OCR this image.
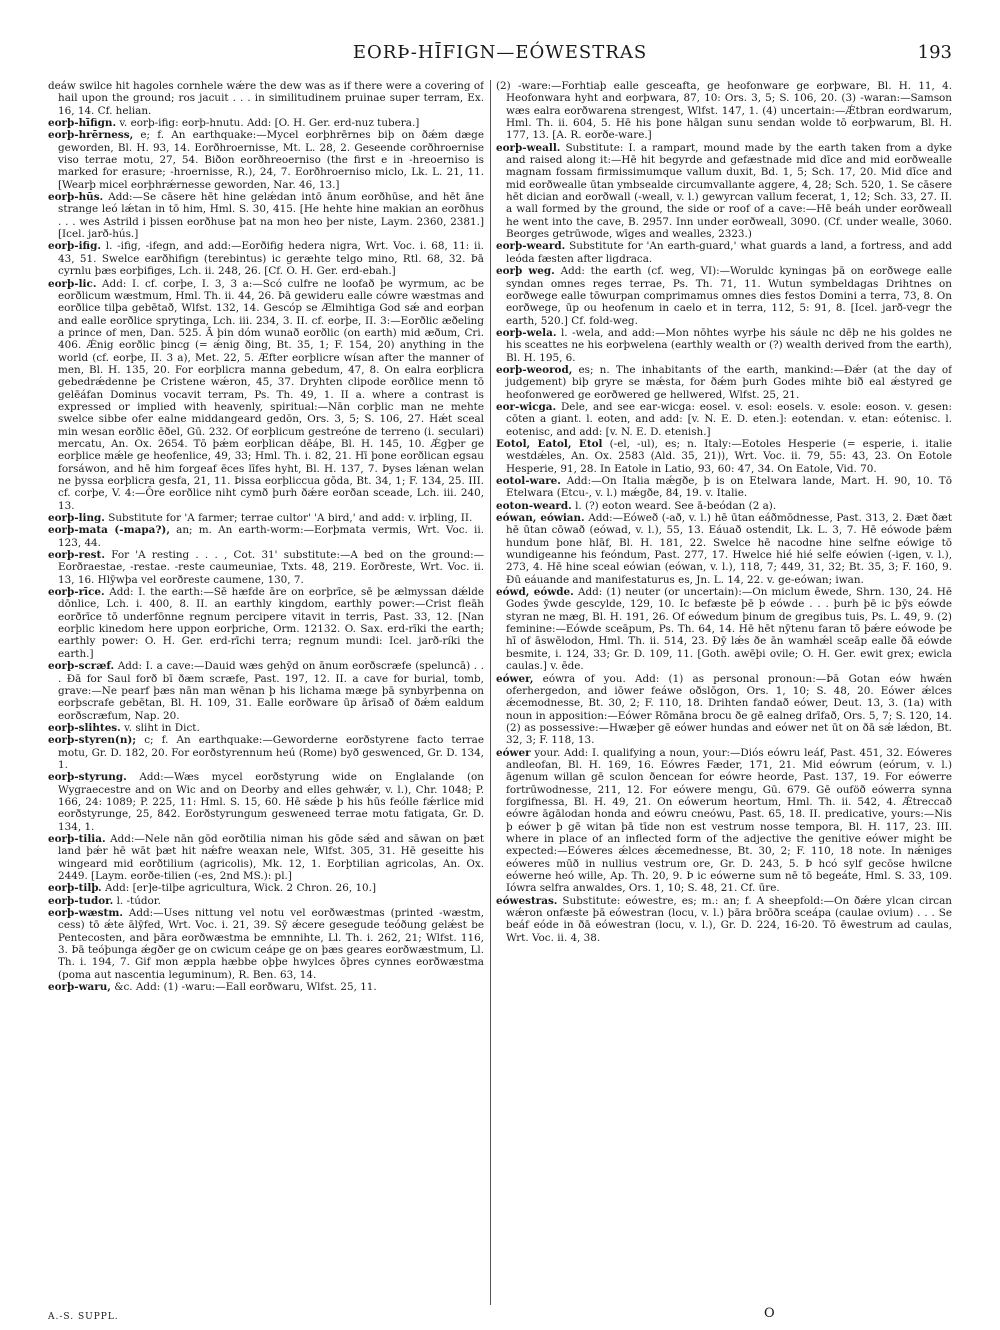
EORÞ-HĪFIGN—EÓWESTRAS	193

deáw swilce hit hagoles cornhele wǽre the dew was as if there were a covering of hail upon the ground; ros jacuit . . . in similitudinem pruinae super terram, Ex. 16, 14. Cf. helian.

eorþ-hīfign. v. eorþ-ifig: eorþ-hnutu. Add: [O. H. Ger. erd-nuz tubera.]

eorþ-hrērness, e; f. An earthquake:—Mycel eorþhrērnes biþ on ðǽm dæge geworden, Bl. H. 93, 14. Eorðhroernisse, Mt. L. 28, 2. Geseende corðhroernise viso terrae motu, 27, 54. Biðon eorðhreoerniso (the first e in -hreoerniso is marked for erasure; -hroernisse, R.), 24, 7. Eorðhroerniso miclo, Lk. L. 21, 11. [Wearþ micel eorþhrǽrnesse geworden, Nar. 46, 13.]

eorþ-hūs. Add:—Se cāsere hēt hine gelǽdan intō ānum eorðhūse, and hēt āne strange leó lǽtan in tō him, Hml. S. 30, 415. [He hehte hine makian an eorðhus . . . wes Astrild i þissen eorðhuse þat na mon heo þer niste, Laym. 2360, 2381.] [Icel. jarð-hús.]

eorþ-ifig. l. -ifig, -ifegn, and add:—Eorðifig hedera nigra, Wrt. Voc. i. 68, 11: ii. 43, 51. Swelce earðhifign (terebintus) ic geræhte telgo mino, Rtl. 68, 32. Þā cyrnlu þæs eorþifiges, Lch. ii. 248, 26. [Cf. O. H. Ger. erd-ebah.]

eorþ-lic. Add: I. cf. corþe, I. 3, 3 a:—Scó culfre ne loofað þe wyrmum, ac be eorðlicum wæstmum, Hml. Th. ii. 44, 26. Þā gewideru ealle cówre wæstmas and eorðlice tilþa gebētað, Wlfst. 132, 14. Gescóp se Ælmihtiga God sǽ and eorþan and ealle eorðlice sprytinga, Lch. iii. 234, 3. II. cf. eorþe, II. 3:—Eorðlic æðeling a prince of men, Dan. 525. Ā þin dóm wunað eorðlic (on earth) mid æðum, Cri. 406. Ǽnig eorðlic þincg (= ǽnig ðing, Bt. 35, 1; F. 154, 20) anything in the world (cf. eorþe, II. 3 a), Met. 22, 5. Æfter eorþlicre wísan after the manner of men, Bl. H. 135, 20. For eorþlicra manna gebedum, 47, 8. On ealra eorþlicra gebedrǽdenne þe Cristene wǽron, 45, 37. Dryhten clipode eorðlice menn tō gelēáfan Dominus vocavit terram, Ps. Th. 49, 1. II a. where a contrast is expressed or implied with heavenly, spiritual:—Nān corþlic man ne mehte swelce sibbe ofer ealne middangeard gedōn, Ors. 3, 5; S. 106, 27. Hǽt sceal min wesan eorðlic ēðel, Gū. 232. Of eorþlicum gestreóne de terreno (i. seculari) mercatu, An. Ox. 2654. Tō þǽm eorþlican dēáþe, Bl. H. 145, 10. Ǽgþer ge eorþlice mǽle ge heofenlice, 49, 33; Hml. Th. i. 82, 21. Hī þone eorðlican egsau forsáwon, and hē him forgeaf ēces līfes hyht, Bl. H. 137, 7. Þyses lǽnan welan ne þyssa eorþlicra gesfa, 21, 11. Þissa eorþliccua gōda, Bt. 34, 1; F. 134, 25. III. cf. corþe, V. 4:—Ōre eorðlice niht cymð þurh ðǽre eorðan sceade, Lch. iii. 240, 13.

eorþ-ling. Substitute for 'A farmer; terrae cultor' 'A bird,' and add: v. irþling, II.

eorþ-mata (-mapa?), an; m. An earth-worm:—Eorþmata vermis, Wrt. Voc. ii. 123, 44.

eorþ-rest. For 'A resting . . . , Cot. 31' substitute:—A bed on the ground:—Eorðraestae, -restae. -reste caumeuniae, Txts. 48, 219. Eorðreste, Wrt. Voc. ii. 13, 16. Hlȳwþa vel eorðreste caumene, 130, 7.

eorþ-rīce. Add: I. the earth:—Sē hæfde āre on eorþrīce, sē þe ælmyssan dǽlde dōnlice, Lch. i. 400, 8. II. an earthly kingdom, earthly power:—Crist fleāh eorðrīce tō underfōnne regnum percipere vitavit in terris, Past. 33, 12. [Nan eorþlic kinedom here uppon eorþriche, Orm. 12132. O. Sax. erd-rīki the earth; earthly power: O. H. Ger. erd-rīchi terra; regnum mundi: Icel. jarð-ríki the earth.]

eorþ-scræf. Add: I. a cave:—Dauid wæs gehȳd on ānum eorðscræfe (speluncā) . . . Ðā for Saul forð bī ðæm scræfe, Past. 197, 12. II. a cave for burial, tomb, grave:—Ne pearf þæs nān man wēnan þ his lichama mæge þā synbyrþenna on eorþscrafe gebētan, Bl. H. 109, 31. Ealle eorðware ūp ārīsað of ðǽm ealdum eorðscræfum, Nap. 20.

eorþ-slihtes. v. sliht in Dict.

eorþ-styren(n); c; f. An earthquake:—Geworderne eorðstyrene facto terrae motu, Gr. D. 182, 20. For eorðstyrennum heú (Rome) byð geswenced, Gr. D. 134, 1.

eorþ-styrung. Add:—Wæs mycel eorðstyrung wide on Englalande (on Wygraecestre and on Wic and on Deorby and elles gehwǽr, v. l.), Chr. 1048; P. 166, 24: 1089; P. 225, 11: Hml. S. 15, 60. Hē sǽde þ his hūs feólle fǽrlice mid eorðstyrunge, 25, 842. Eorðstyrungum gesweneed terrae motu fatigata, Gr. D. 134, 1.

eorþ-tilia. Add:—Nele nān gōd eorðtilia niman his gōde sǽd and sāwan on þæt land þǽr hē wāt þæt hit nǽfre weaxan nele, Wlfst. 305, 31. Hē geseitte his wingeard mid eorðtilium (agricolis), Mk. 12, 1. Eorþtilian agricolas, An. Ox. 2449. [Laym. eorðe-tilien (-es, 2nd MS.): pl.]

eorþ-tilþ. Add: [er]e-tilþe agricultura, Wick. 2 Chron. 26, 10.]

eorþ-tudor. l. -túdor.

eorþ-wæstm. Add:—Uses nittung vel notu vel eorðwæstmas (printed -wæstm, cess) tō ǽte ālȳfed, Wrt. Voc. i. 21, 39. Sȳ ǽcere gesegude teóðung gelǽst be Pentecosten, and þāra eorðwæstma be emnnihte, Ll. Th. i. 262, 21; Wlfst. 116, 3. Þā teóþunga ǽgðer ge on cwicum ceápe ge on þæs geares eorðwæstmum, Ll. Th. i. 194, 7. Gif mon æppla hæbbe oþþe hwylces ōþres cynnes eorðwæstma (poma aut nascentia leguminum), R. Ben. 63, 14.

eorþ-waru, &c. Add: (1) -waru:—Eall eorðwaru, Wlfst. 25, 11.

(2) -ware:—Forhtiaþ ealle gesceafta, ge heofonware ge eorþware, Bl. H. 11, 4. Heofonwara hyht and eorþwara, 87, 10: Ors. 3, 5; S. 106, 20. (3) -waran:—Samson wæs ealra eorðwarena strengest, Wlfst. 147, 1. (4) uncertain:—Ǽtbran eordwarum, Hml. Th. ii. 604, 5. Hē his þone hālgan sunu sendan wolde tō eorþwarum, Bl. H. 177, 13. [A. R. eorðe-ware.]

eorþ-weall. Substitute: I. a rampart, mound made by the earth taken from a dyke and raised along it:—Hē hit begyrde and gefæstnade mid dīce and mid eorðwealle magnam fossam firmissimumque vallum duxit, Bd. 1, 5; Sch. 17, 20. Mid dīce and mid eorðwealle ūtan ymbsealde circumvallante aggere, 4, 28; Sch. 520, 1. Se cāsere hēt dician and eorðwall (-weall, v. l.) gewyrcan vallum fecerat, 1, 12; Sch. 33, 27. II. a wall formed by the ground, the side or roof of a cave:—Hē beáh under eorðweall he went into the cave, B. 2957. Inn under eorðweall, 3090. (Cf. under wealle, 3060. Beorges getrūwode, wīges and wealles, 2323.)

eorþ-weard. Substitute for 'An earth-guard,' what guards a land, a fortress, and add leóda fæsten after ligdraca.

eorþ weg. Add: the earth (cf. weg, VI):—Woruldc kyningas þā on eorðwege ealle syndan omnes reges terrae, Ps. Th. 71, 11. Wutun symbeldagas Drihtnes on eorðwege ealle tōwurpan comprimamus omnes dies festos Domini a terra, 73, 8. On eorðwege, ūp ou heofenum in caelo et in terra, 112, 5: 91, 8. [Icel. jarð-vegr the earth, 520.] Cf. fold-weg.

eorþ-wela. l. -wela, and add:—Mon nōhtes wyrþe his sáule nc dēþ ne his goldes ne his sceattes ne his eorþwelena (earthly wealth or (?) wealth derived from the earth), Bl. H. 195, 6.

eorþ-weorod, es; n. The inhabitants of the earth, mankind:—Ðǽr (at the day of judgement) biþ gryre se mǽsta, for ðǽm þurh Godes mihte bið eal ǽstyred ge heofonwered ge eorðwered ge hellwered, Wlfst. 25, 21.

eor-wicga. Dele, and see ear-wicga: eosel. v. esol: eosels. v. esole: eoson. v. gesen: cōten a giant. l. eoten, and add: [v. N. E. D. eten.]: eotendan. v. etan: eótenisc. l. eotenisc, and add: [v. N. E. D. etenish.]

Eotol, Eatol, Etol (-el, -ul), es; n. Italy:—Eotoles Hesperie (= esperie, i. italie westdǽles, An. Ox. 2583 (Ald. 35, 21)), Wrt. Voc. ii. 79, 55: 43, 23. On Eotole Hesperie, 91, 28. In Eatole in Latio, 93, 60: 47, 34. On Eatole, Vid. 70.

eotol-ware. Add:—On Italia mǽgðe, þ is on Etelwara lande, Mart. H. 90, 10. Tō Etelwara (Etcu-, v. l.) mǽgðe, 84, 19. v. Italie.

eoton-weard. l. (?) eoton weard. See ā-beódan (2 a).

eówan, eówian. Add:—Eóweð (-að, v. l.) hē ūtan eáðmōdnesse, Past. 313, 2. Ðæt ðæt hē ūtan cōwað (eówad, v. l.), 55, 13. Eáuað ostendit, Lk. L. 3, 7. Hē eówode þǽm hundum þone hlāf, Bl. H. 181, 22. Swelce hē nacodne hine selfne eówige tō wundigeanne his feóndum, Past. 277, 17. Hwelce hié hié selfe eówien (-igen, v. l.), 273, 4. Hē hine sceal eówian (eówan, v. l.), 118, 7; 449, 31, 32; Bt. 35, 3; F. 160, 9. Ðū eáuande and manifestaturus es, Jn. L. 14, 22. v. ge-eówan; iwan.

eówd, eówde. Add: (1) neuter (or uncertain):—On miclum ēwede, Shrn. 130, 24. Hē Godes ȳwde gescylde, 129, 10. Ic befæste þē þ eówde . . . þurh þē ic þȳs eówde styran ne mæg, Bl. H. 191, 26. Of eówedum þinum de gregibus tuis, Ps. L. 49, 9. (2) feminine:—Eówde sceāpum, Ps. Th. 64, 14. Hē hēt nȳtenu faran tō þǽre eówode þe hī of āswēlodon, Hml. Th. ii. 514, 23. Ðȳ lǽs ðe ān wamhǽl sceāp ealle ðā eówde besmite, i. 124, 33; Gr. D. 109, 11. [Goth. awēþi ovile; O. H. Ger. ewit grex; ewicla caulas.] v. ēde.

eówer, eówra of you. Add: (1) as personal pronoun:—Þā Gotan eów hwǽn oferhergedon, and iōwer feáwe oðslōgon, Ors. 1, 10; S. 48, 20. Eówer ǽlces ǽcemodnesse, Bt. 30, 2; F. 110, 18. Drihten fandað eówer, Deut. 13, 3. (1a) with noun in apposition:—Eówer Rōmāna brocu ðe gē ealneg drīfað, Ors. 5, 7; S. 120, 14. (2) as possessive:—Hwæþer gē eówer hundas and eówer net ūt on ðā sǽ lǽdon, Bt. 32, 3; F. 118, 13.

eówer your. Add: I. qualifying a noun, your:—Diós eówru leáf, Past. 451, 32. Eóweres andleofan, Bl. H. 169, 16. Eówres Fæder, 171, 21. Mid eówrum (eórum, v. l.) āgenum willan gē sculon ðencean for eówre heorde, Past. 137, 19. For eówerre fortrūwodnesse, 211, 12. For eówere mengu, Gū. 679. Gē ouföð eówerra synna forgifnessa, Bl. H. 49, 21. On eówerum heortum, Hml. Th. ii. 542, 4. Ǽtreccað eówre āgālodan honda and eówru cneówu, Past. 65, 18. II. predicative, yours:—Nis þ eówer þ gē witan þā tīde non est vestrum nosse tempora, Bl. H. 117, 23. III. where in place of an inflected form of the adjective the genitive eówer might be expected:—Eóweres ǽlces ǽcemednesse, Bt. 30, 2; F. 110, 18 note. In nǽniges eóweres mūð in nullius vestrum ore, Gr. D. 243, 5. Þ hcó sylf gecōse hwilcne eówerne heó wille, Ap. Th. 20, 9. Þ ic eówerne sum nē tō begeáte, Hml. S. 33, 109. Iówra selfra anwaldes, Ors. 1, 10; S. 48, 21. Cf. ūre.

eówestras. Substitute: eówestre, es; m.: an; f. A sheepfold:—On ðǽre ylcan circan wǽron onfæste þā eówestran (locu, v. l.) þāra brōðra sceápa (caulae ovium) . . . Se beáf eóde in ðā eówestran (locu, v. l.), Gr. D. 224, 16-20. Tō ēwestrum ad caulas, Wrt. Voc. ii. 4, 38.

A.-S. SUPPL.	O
